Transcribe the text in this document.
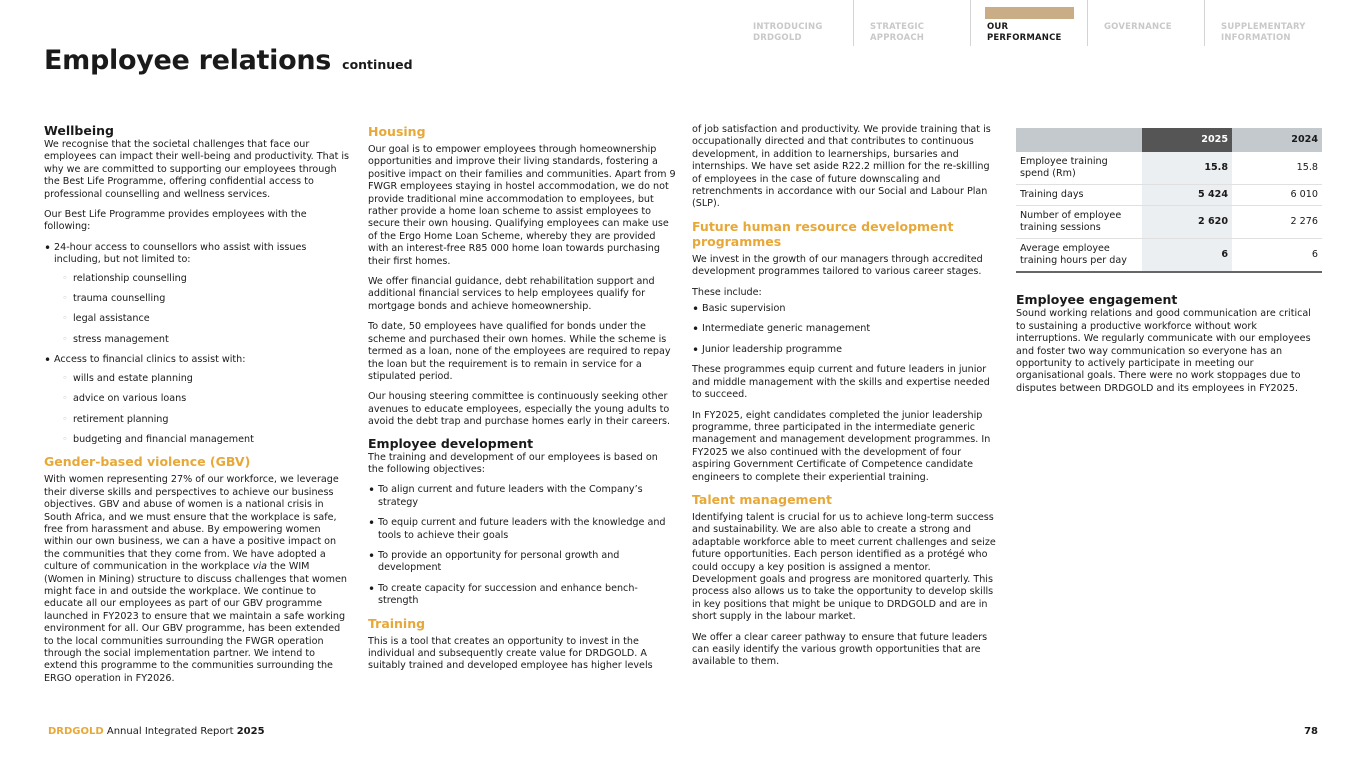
INTRODUCING
DRDGOLD
STRATEGIC
APPROACH
OUR
PERFORMANCE
GOVERNANCE	SUPPLEMENTARY
INFORMATION
Employee relations continued
Wellbeing

We recognise that the societal challenges that face our employees can impact their well-being and productivity. That is why we are committed to supporting our employees through the Best Life Programme, offering confidential access to professional counselling and wellness services.

Our Best Life Programme provides employees with the following:

• 24-hour access to counsellors who assist with issues including, but not limited to:
◦ relationship counselling
◦ trauma counselling
◦ legal assistance
◦ stress management
• Access to financial clinics to assist with:
◦ wills and estate planning
◦ advice on various loans
◦ retirement planning
◦ budgeting and financial management
Gender-based violence (GBV)

With women representing 27% of our workforce, we leverage their diverse skills and perspectives to achieve our business objectives. GBV and abuse of women is a national crisis in South Africa, and we must ensure that the workplace is safe, free from harassment and abuse. By empowering women within our own business, we can a have a positive impact on the communities that they come from. We have adopted a culture of communication in the workplace via the WIM (Women in Mining) structure to discuss challenges that women might face in and outside the workplace. We continue to educate all our employees as part of our GBV programme launched in FY2023 to ensure that we maintain a safe working environment for all. Our GBV programme, has been extended to the local communities surrounding the FWGR operation through the social implementation partner. We intend to extend this programme to the communities surrounding the ERGO operation in FY2026.

Housing

Our goal is to empower employees through homeownership opportunities and improve their living standards, fostering a positive impact on their families and communities. Apart from 9 FWGR employees staying in hostel accommodation, we do not provide traditional mine accommodation to employees, but rather provide a home loan scheme to assist employees to secure their own housing. Qualifying employees can make use of the Ergo Home Loan Scheme, whereby they are provided with an interest-free R85 000 home loan towards purchasing their first homes.

We offer financial guidance, debt rehabilitation support and additional financial services to help employees qualify for mortgage bonds and achieve homeownership.

To date, 50 employees have qualified for bonds under the scheme and purchased their own homes. While the scheme is termed as a loan, none of the employees are required to repay the loan but the requirement is to remain in service for a stipulated period.

Our housing steering committee is continuously seeking other avenues to educate employees, especially the young adults to avoid the debt trap and purchase homes early in their careers.

Employee development

The training and development of our employees is based on the following objectives:

• To align current and future leaders with the Company’s strategy
• To equip current and future leaders with the knowledge and tools to achieve their goals
• To provide an opportunity for personal growth and development
• To create capacity for succession and enhance bench-strength
Training

This is a tool that creates an opportunity to invest in the individual and subsequently create value for DRDGOLD. A suitably trained and developed employee has higher levels

of job satisfaction and productivity. We provide training that is occupationally directed and that contributes to continuous development, in addition to learnerships, bursaries and internships. We have set aside R22.2 million for the re-skilling of employees in the case of future downscaling and retrenchments in accordance with our Social and Labour Plan (SLP).

Future human resource development programmes

We invest in the growth of our managers through accredited development programmes tailored to various career stages.

These include:

• Basic supervision
• Intermediate generic management
• Junior leadership programme

These programmes equip current and future leaders in junior and middle management with the skills and expertise needed to succeed.

In FY2025, eight candidates completed the junior leadership programme, three participated in the intermediate generic management and management development programmes. In FY2025 we also continued with the development of four aspiring Government Certificate of Competence candidate engineers to complete their experiential training.

Talent management

Identifying talent is crucial for us to achieve long-term success and sustainability. We are also able to create a strong and adaptable workforce able to meet current challenges and seize future opportunities. Each person identified as a protégé who could occupy a key position is assigned a mentor. Development goals and progress are monitored quarterly. This process also allows us to take the opportunity to develop skills in key positions that might be unique to DRDGOLD and are in short supply in the labour market.

We offer a clear career pathway to ensure that future leaders can easily identify the various growth opportunities that are available to them.

	2025	2024
Employee training spend (Rm)	15.8	15.8
Training days	5 424	6 010
Number of employee training sessions	2 620	2 276
Average employee training hours per day	6	6
Employee engagement

Sound working relations and good communication are critical to sustaining a productive workforce without work interruptions. We regularly communicate with our employees and foster two way communication so everyone has an opportunity to actively participate in meeting our organisational goals. There were no work stoppages due to disputes between DRDGOLD and its employees in FY2025.

DRDGOLD Annual Integrated Report 2025	78
